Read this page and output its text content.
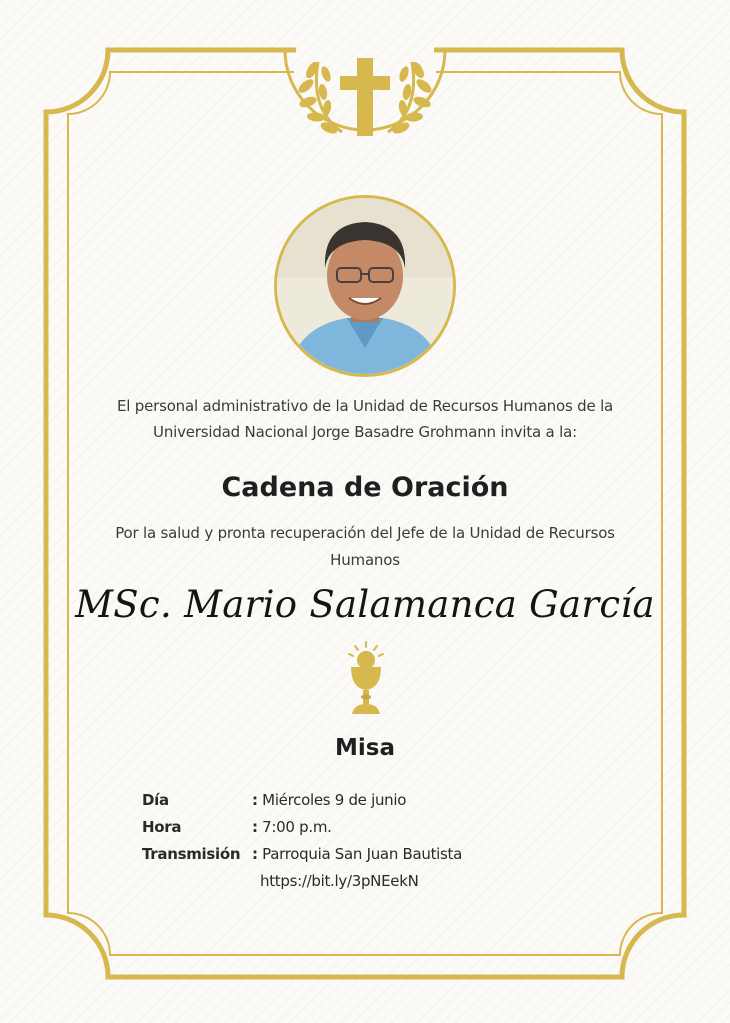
El personal administrativo de la Unidad de Recursos Humanos de la Universidad Nacional Jorge Basadre Grohmann invita a la:
Cadena de Oración
Por la salud y pronta recuperación del Jefe de la Unidad de Recursos Humanos
MSc. Mario Salamanca García
Misa
Día	: Miércoles 9 de junio
Hora	: 7:00 p.m.
Transmisión : Parroquia San Juan Bautista
https://bit.ly/3pNEekN
